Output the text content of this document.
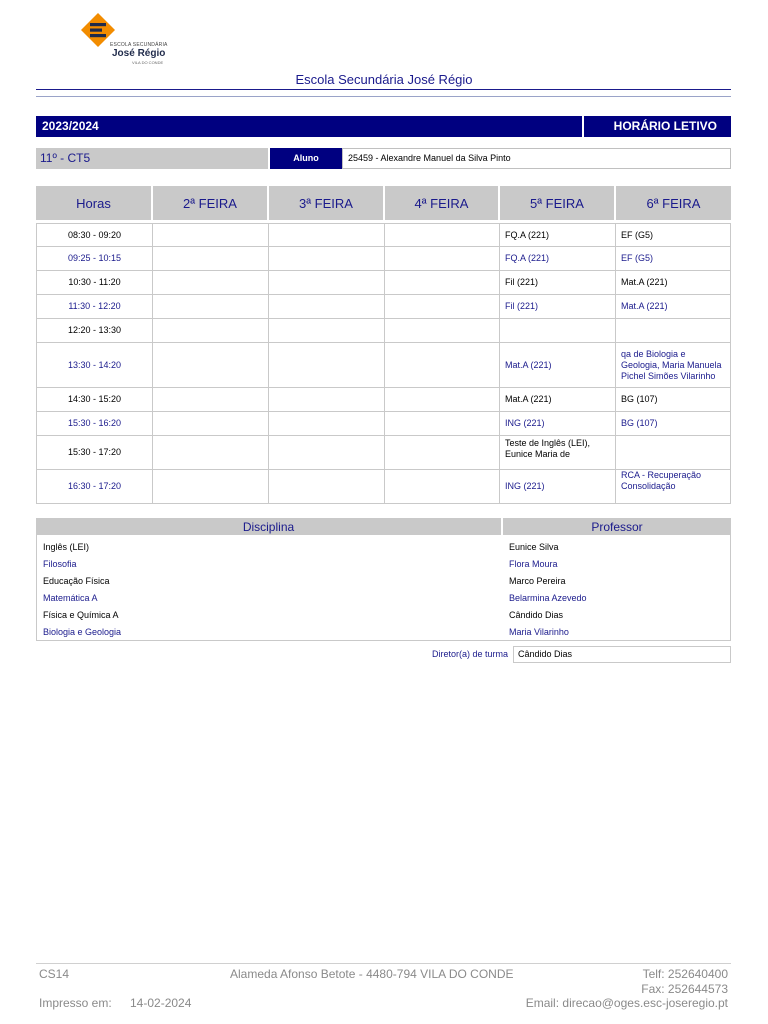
ESCOLA SECUNDÁRIA
José Régio
VILA DO CONDE
Escola Secundária José Régio
2023/2024	HORÁRIO LETIVO
11º - CT5	Aluno	25459 - Alexandre Manuel da Silva Pinto
Horas	2ª FEIRA	3ª FEIRA	4ª FEIRA	5ª FEIRA	6ª FEIRA

08:30 - 09:20				FQ.A (221)	EF (G5)
09:25 - 10:15				FQ.A (221)	EF (G5)
10:30 - 11:20				Fil (221)	Mat.A (221)
11:30 - 12:20				Fil (221)	Mat.A (221)
12:20 - 13:30					
13:30 - 14:20				Mat.A (221)	qa de Biologia e Geologia, Maria Manuela Pichel Simões Vilarinho
14:30 - 15:20				Mat.A (221)	BG (107)
15:30 - 16:20				ING (221)	BG (107)
15:30 - 17:20				Teste de Inglês (LEI), Eunice Maria de	
16:30 - 17:20				ING (221)	RCA - Recuperação Consolidação
Disciplina		Professor
Inglês (LEI)		Eunice Silva
Filosofia		Flora Moura
Educação Física		Marco Pereira
Matemática A		Belarmina Azevedo
Física e Química A		Cândido Dias
Biologia e Geologia		Maria Vilarinho
Diretor(a) de turma	Cândido Dias
CS14	Alameda Afonso Betote - 4480-794 VILA DO CONDE	Telf: 252640400
Fax: 252644573
Impresso em: 14-02-2024	Email: direcao@oges.esc-joseregio.pt
